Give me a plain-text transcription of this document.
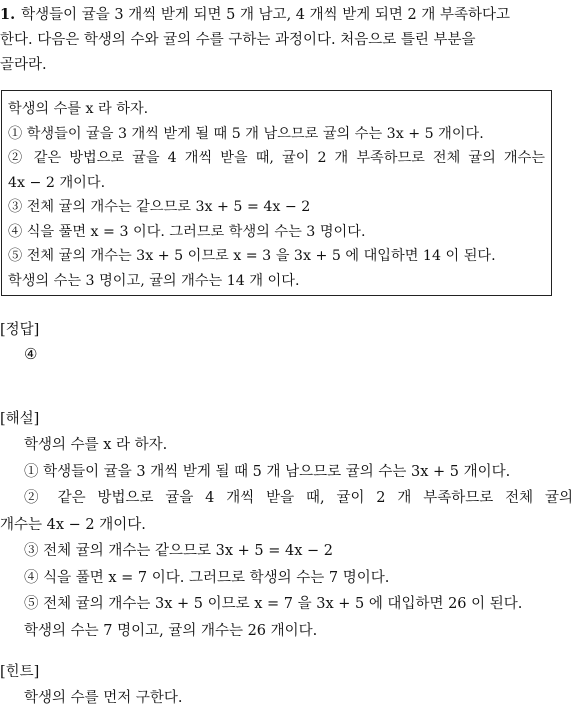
1. 학생들이 귤을 3 개씩 받게 되면 5 개 남고, 4 개씩 받게 되면 2 개 부족하다고
한다. 다음은 학생의 수와 귤의 수를 구하는 과정이다. 처음으로 틀린 부분을
골라라.
학생의 수를 x 라 하자.
① 학생들이 귤을 3 개씩 받게 될 때 5 개 남으므로 귤의 수는 3x + 5 개이다.
② 같은 방법으로 귤을 4 개씩 받을 때, 귤이 2 개 부족하므로 전체 귤의 개수는
4x − 2 개이다.
③ 전체 귤의 개수는 같으므로 3x + 5 = 4x − 2
④ 식을 풀면 x = 3 이다. 그러므로 학생의 수는 3 명이다.
⑤ 전체 귤의 개수는 3x + 5 이므로 x = 3 을 3x + 5 에 대입하면 14 이 된다.
학생의 수는 3 명이고, 귤의 개수는 14 개 이다.
[정답]
④
[해설]
학생의 수를 x 라 하자.
① 학생들이 귤을 3 개씩 받게 될 때 5 개 남으므로 귤의 수는 3x + 5 개이다.
② 같은 방법으로 귤을 4 개씩 받을 때, 귤이 2 개 부족하므로 전체 귤의
개수는 4x − 2 개이다.
③ 전체 귤의 개수는 같으므로 3x + 5 = 4x − 2
④ 식을 풀면 x = 7 이다. 그러므로 학생의 수는 7 명이다.
⑤ 전체 귤의 개수는 3x + 5 이므로 x = 7 을 3x + 5 에 대입하면 26 이 된다.
학생의 수는 7 명이고, 귤의 개수는 26 개이다.
[힌트]
학생의 수를 먼저 구한다.
